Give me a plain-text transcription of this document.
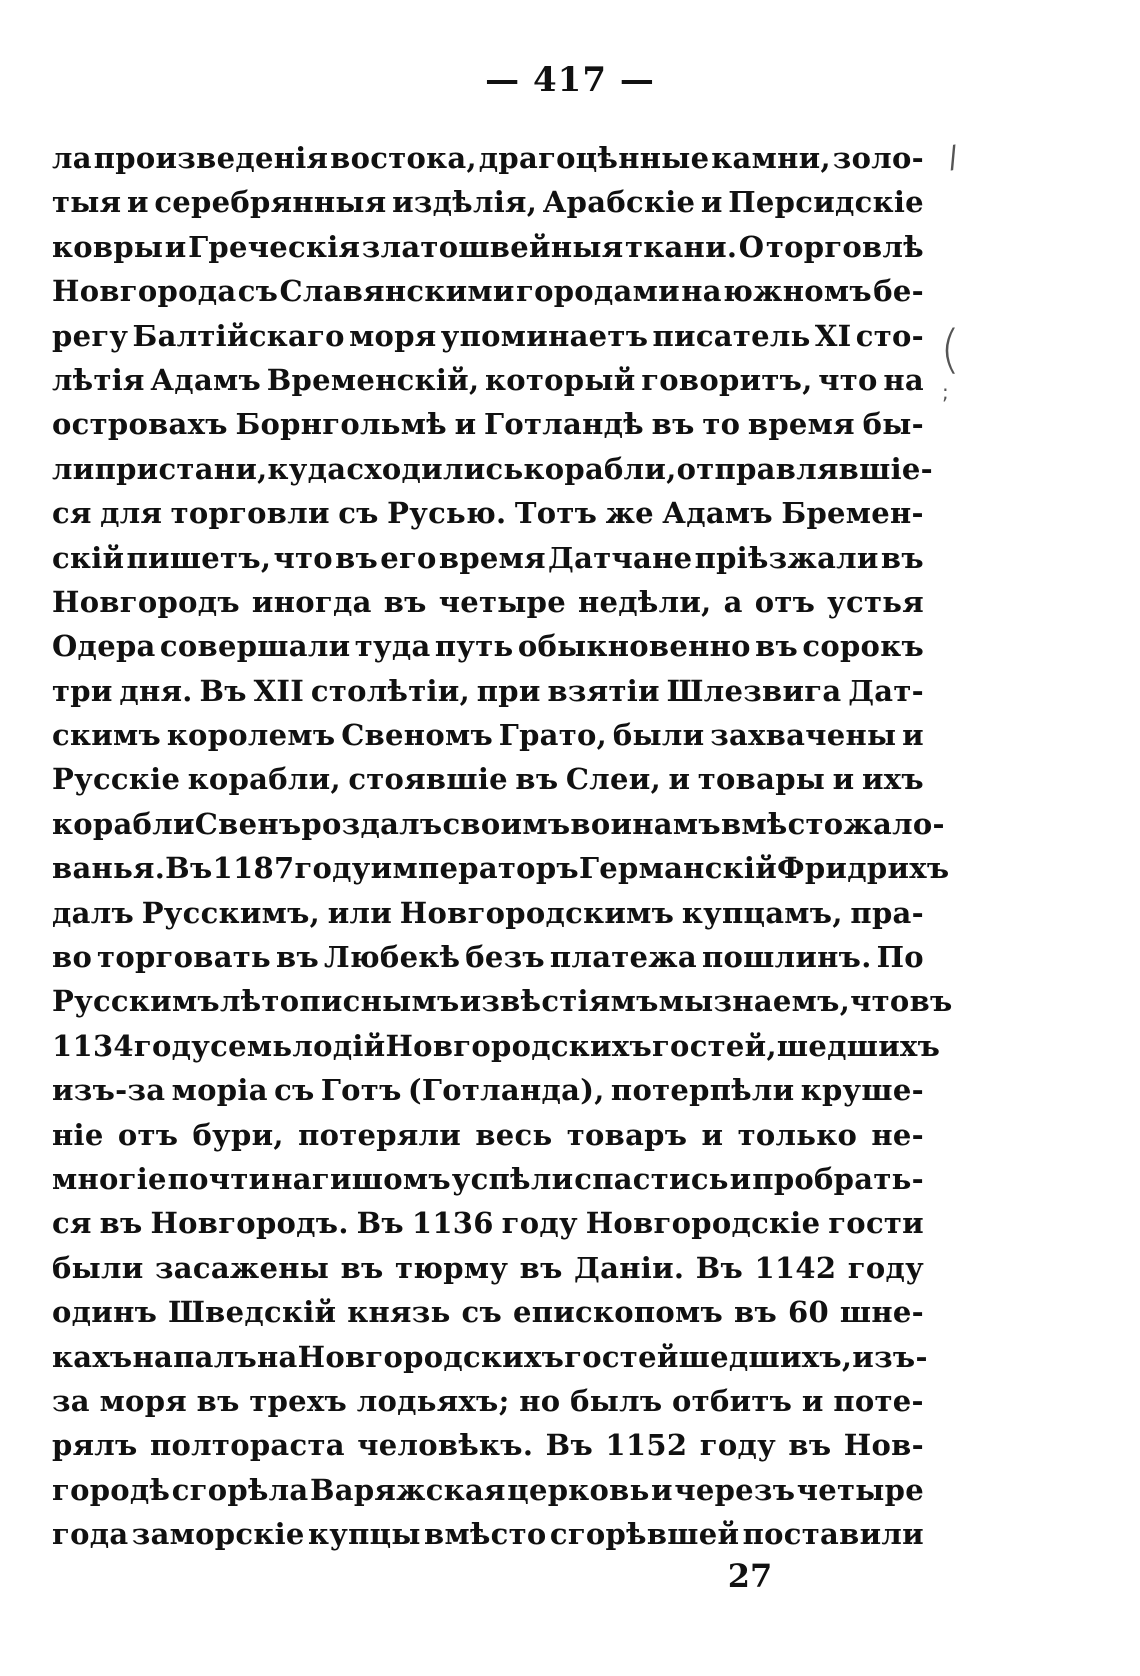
— 417 —
ла произведенія востока, драгоцѣнные камни, золо-
тыя и серебрянныя издѣлія, Арабскіе и Персидскіе
ковры и Греческія златошвейныя ткани. О торговлѣ
Новгорода съ Славянскими городами на южномъ бе-
регу Балтійскаго моря упоминаетъ писатель XI сто-
лѣтія Адамъ Временскій, который говоритъ, что на
островахъ Борнгольмѣ и Готландѣ въ то время бы-
ли пристани, куда сходились корабли, отправлявшіе-
ся для торговли съ Русью. Тотъ же Адамъ Бремен-
скій пишетъ, что въ его время Датчане пріѣзжали въ
Новгородъ иногда въ четыре недѣли, а отъ устья
Одера совершали туда путь обыкновенно въ сорокъ
три дня. Въ XII столѣтіи, при взятіи Шлезвига Дат-
скимъ королемъ Свеномъ Грато, были захвачены и
Русскіе корабли, стоявшіе въ Слеи, и товары и ихъ
корабли Свенъ роздалъ своимъ воинамъ вмѣсто жало-
ванья. Въ 1187 году императоръ Германскій Фридрихъ
далъ Русскимъ, или Новгородскимъ купцамъ, пра-
во торговать въ Любекѣ безъ платежа пошлинъ. По
Русскимъ лѣтописнымъ извѣстіямъ мы знаемъ, что въ
1134 году семь лодій Новгородскихъ гостей, шедшихъ
изъ-за моріа съ Готъ (Готланда), потерпѣли круше-
ніе отъ бури, потеряли весь товаръ и только не-
многіе почти нагишомъ успѣли спастись и пробрать-
ся въ Новгородъ. Въ 1136 году Новгородскіе гости
были засажены въ тюрму въ Даніи. Въ 1142 году
одинъ Шведскій князь съ епископомъ въ 60 шне-
кахъ напалъ на Новгородскихъ гостей шедшихъ, изъ-
за моря въ трехъ лодьяхъ; но былъ отбитъ и поте-
рялъ полтораста человѣкъ. Въ 1152 году въ Нов-
городѣ сгорѣла Варяжская церковь и черезъ четыре
года заморскіе купцы вмѣсто сгорѣвшей поставили
/
(
;
27
